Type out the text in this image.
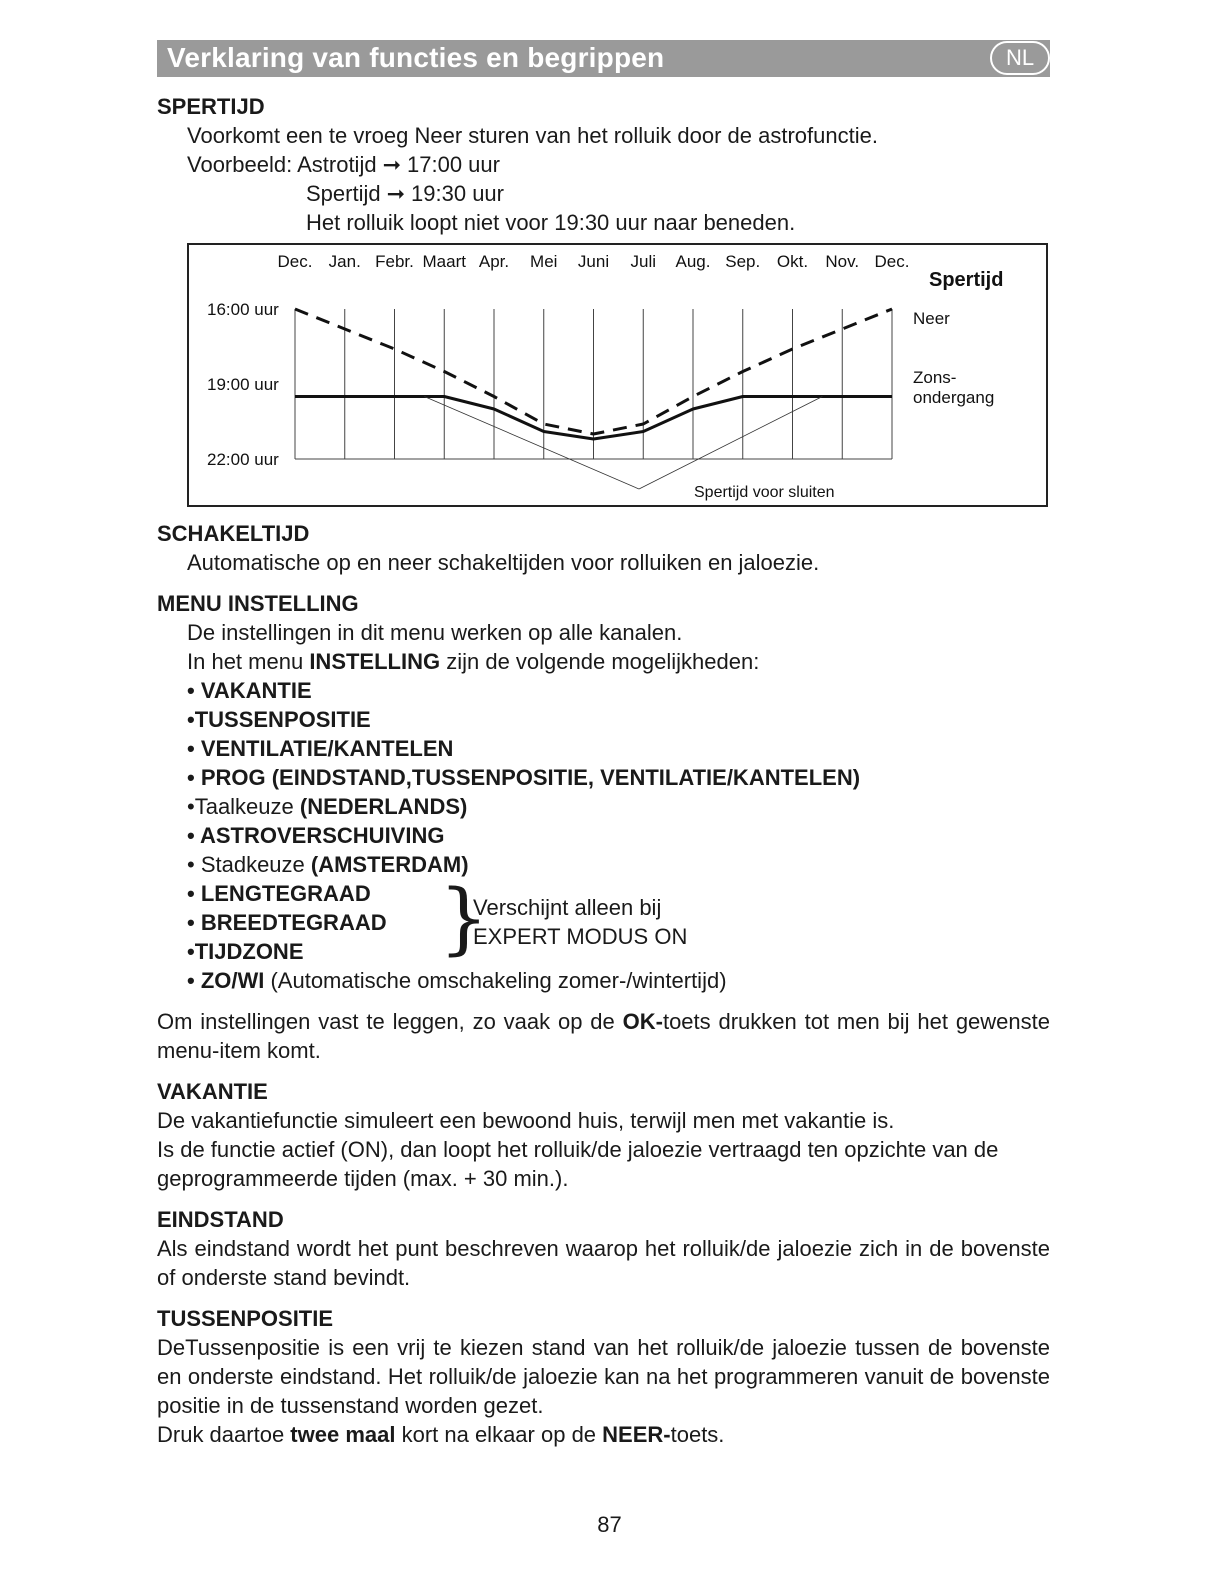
Verklaring van functies en begrippen	NL
SPERTIJD
Voorkomt een te vroeg Neer sturen van het rolluik door de astrofunctie.
Voorbeeld: Astrotijd ➞ 17:00 uur
Spertijd ➞ 19:30 uur
Het rolluik loopt niet voor 19:30 uur naar beneden.
Dec. Jan. Febr. Maart Apr. Mei Juni Juli Aug. Sep. Okt. Nov. Dec.
16:00 uur
19:00 uur
22:00 uur
Spertijd voor sluiten
Spertijd
Neer
Zons-
ondergang
SCHAKELTIJD
Automatische op en neer schakeltijden voor rolluiken en jaloezie.
MENU INSTELLING
De instellingen in dit menu werken op alle kanalen.
In het menu INSTELLING zijn de volgende mogelijkheden:
• VAKANTIE
•TUSSENPOSITIE
• VENTILATIE/KANTELEN
• PROG (EINDSTAND,TUSSENPOSITIE, VENTILATIE/KANTELEN)
•Taalkeuze (NEDERLANDS)
• ASTROVERSCHUIVING
• Stadkeuze (AMSTERDAM)
• LENGTEGRAAD
• BREEDTEGRAAD
•TIJDZONE	}
Verschijnt alleen bij
EXPERT MODUS ON
• ZO/WI (Automatische omschakeling zomer-/wintertijd)
Om instellingen vast te leggen, zo vaak op de OK-toets drukken tot men bij het gewenste menu-item komt.
VAKANTIE
De vakantiefunctie simuleert een bewoond huis, terwijl men met vakantie is.
Is de functie actief (ON), dan loopt het rolluik/de jaloezie vertraagd ten opzichte van de geprogrammeerde tijden (max. + 30 min.).
EINDSTAND
Als eindstand wordt het punt beschreven waarop het rolluik/de jaloezie zich in de bovenste of onderste stand bevindt.
TUSSENPOSITIE
DeTussenpositie is een vrij te kiezen stand van het rolluik/de jaloezie tussen de bovenste en onderste eindstand. Het rolluik/de jaloezie kan na het programmeren vanuit de bovenste positie in de tussenstand worden gezet.
Druk daartoe twee maal kort na elkaar op de NEER-toets.
87
